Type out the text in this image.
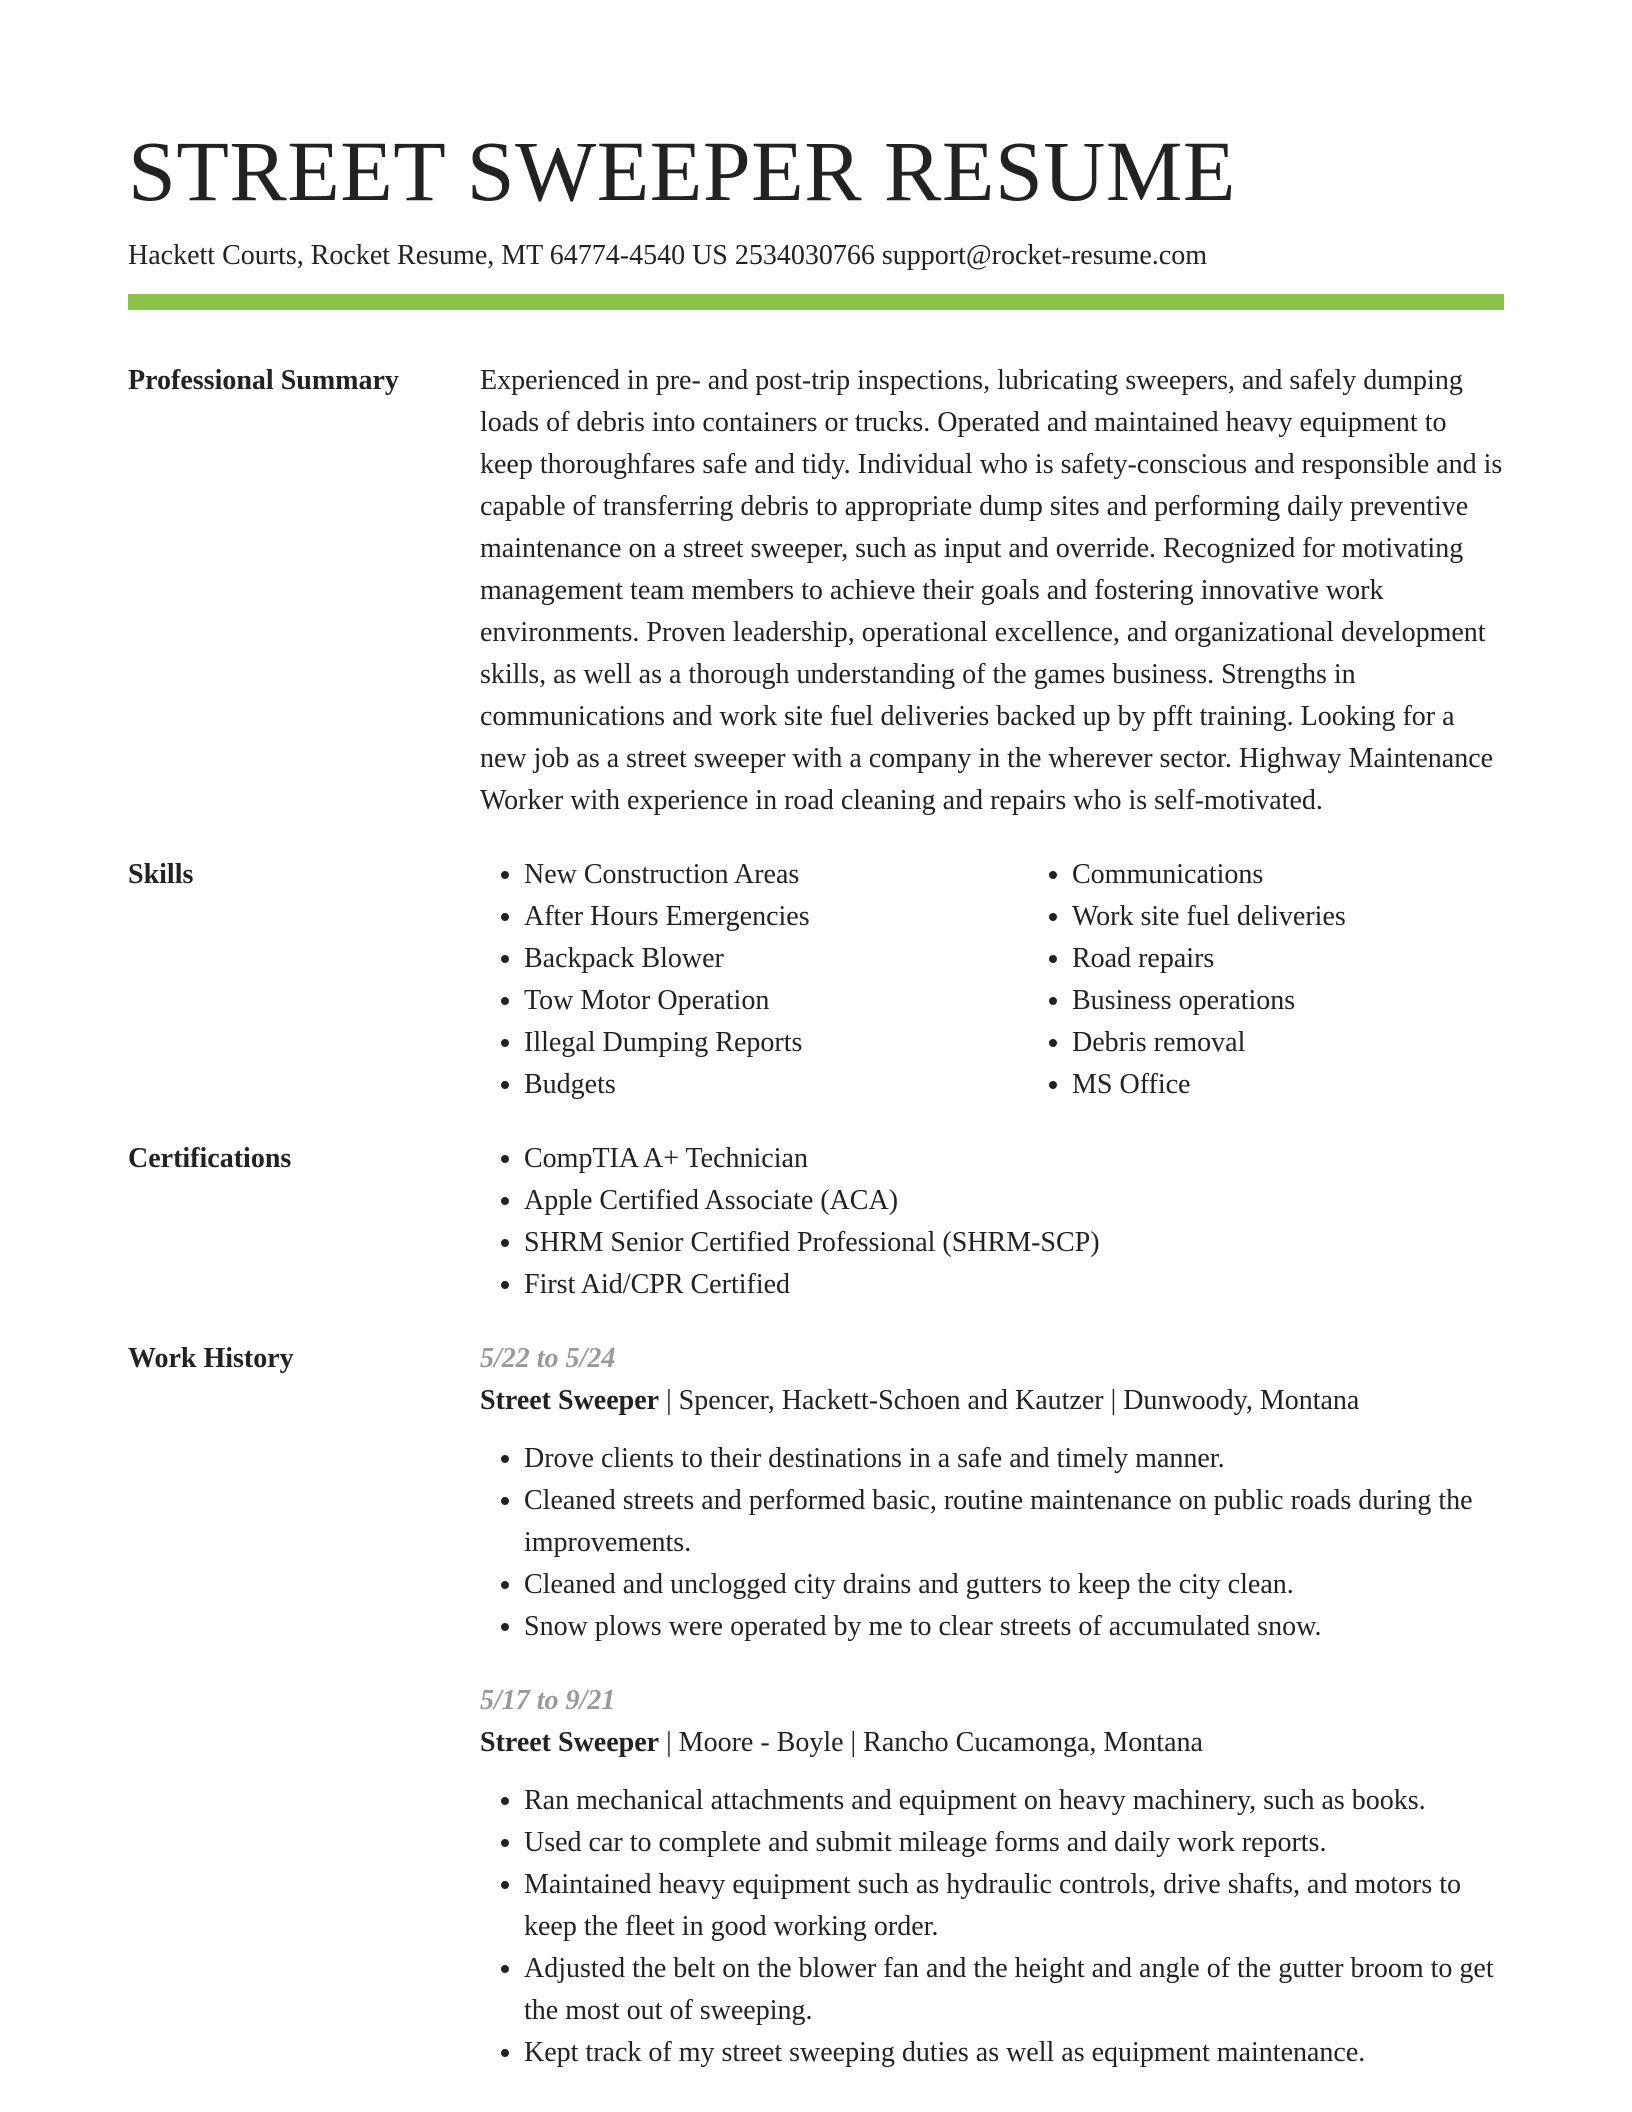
STREET SWEEPER RESUME
Hackett Courts, Rocket Resume, MT 64774-4540 US 2534030766 support@rocket-resume.com
Professional Summary	Experienced in pre- and post-trip inspections, lubricating sweepers, and safely dumping loads of debris into containers or trucks. Operated and maintained heavy equipment to keep thoroughfares safe and tidy. Individual who is safety-conscious and responsible and is capable of transferring debris to appropriate dump sites and performing daily preventive maintenance on a street sweeper, such as input and override. Recognized for motivating management team members to achieve their goals and fostering innovative work environments. Proven leadership, operational excellence, and organizational development skills, as well as a thorough understanding of the games business. Strengths in communications and work site fuel deliveries backed up by pfft training. Looking for a new job as a street sweeper with a company in the wherever sector. Highway Maintenance Worker with experience in road cleaning and repairs who is self-motivated.

Skills	• New Construction Areas
• After Hours Emergencies
• Backpack Blower
• Tow Motor Operation
• Illegal Dumping Reports
• Budgets
• Communications
• Work site fuel deliveries
• Road repairs
• Business operations
• Debris removal
• MS Office
Certifications	• CompTIA A+ Technician
• Apple Certified Associate (ACA)
• SHRM Senior Certified Professional (SHRM-SCP)
• First Aid/CPR Certified
Work History	5/22 to 5/24
Street Sweeper | Spencer, Hackett-Schoen and Kautzer | Dunwoody, Montana
• Drove clients to their destinations in a safe and timely manner.
• Cleaned streets and performed basic, routine maintenance on public roads during the improvements.
• Cleaned and unclogged city drains and gutters to keep the city clean.
• Snow plows were operated by me to clear streets of accumulated snow.
5/17 to 9/21
Street Sweeper | Moore - Boyle | Rancho Cucamonga, Montana
• Ran mechanical attachments and equipment on heavy machinery, such as books.
• Used car to complete and submit mileage forms and daily work reports.
• Maintained heavy equipment such as hydraulic controls, drive shafts, and motors to keep the fleet in good working order.
• Adjusted the belt on the blower fan and the height and angle of the gutter broom to get the most out of sweeping.
• Kept track of my street sweeping duties as well as equipment maintenance.
